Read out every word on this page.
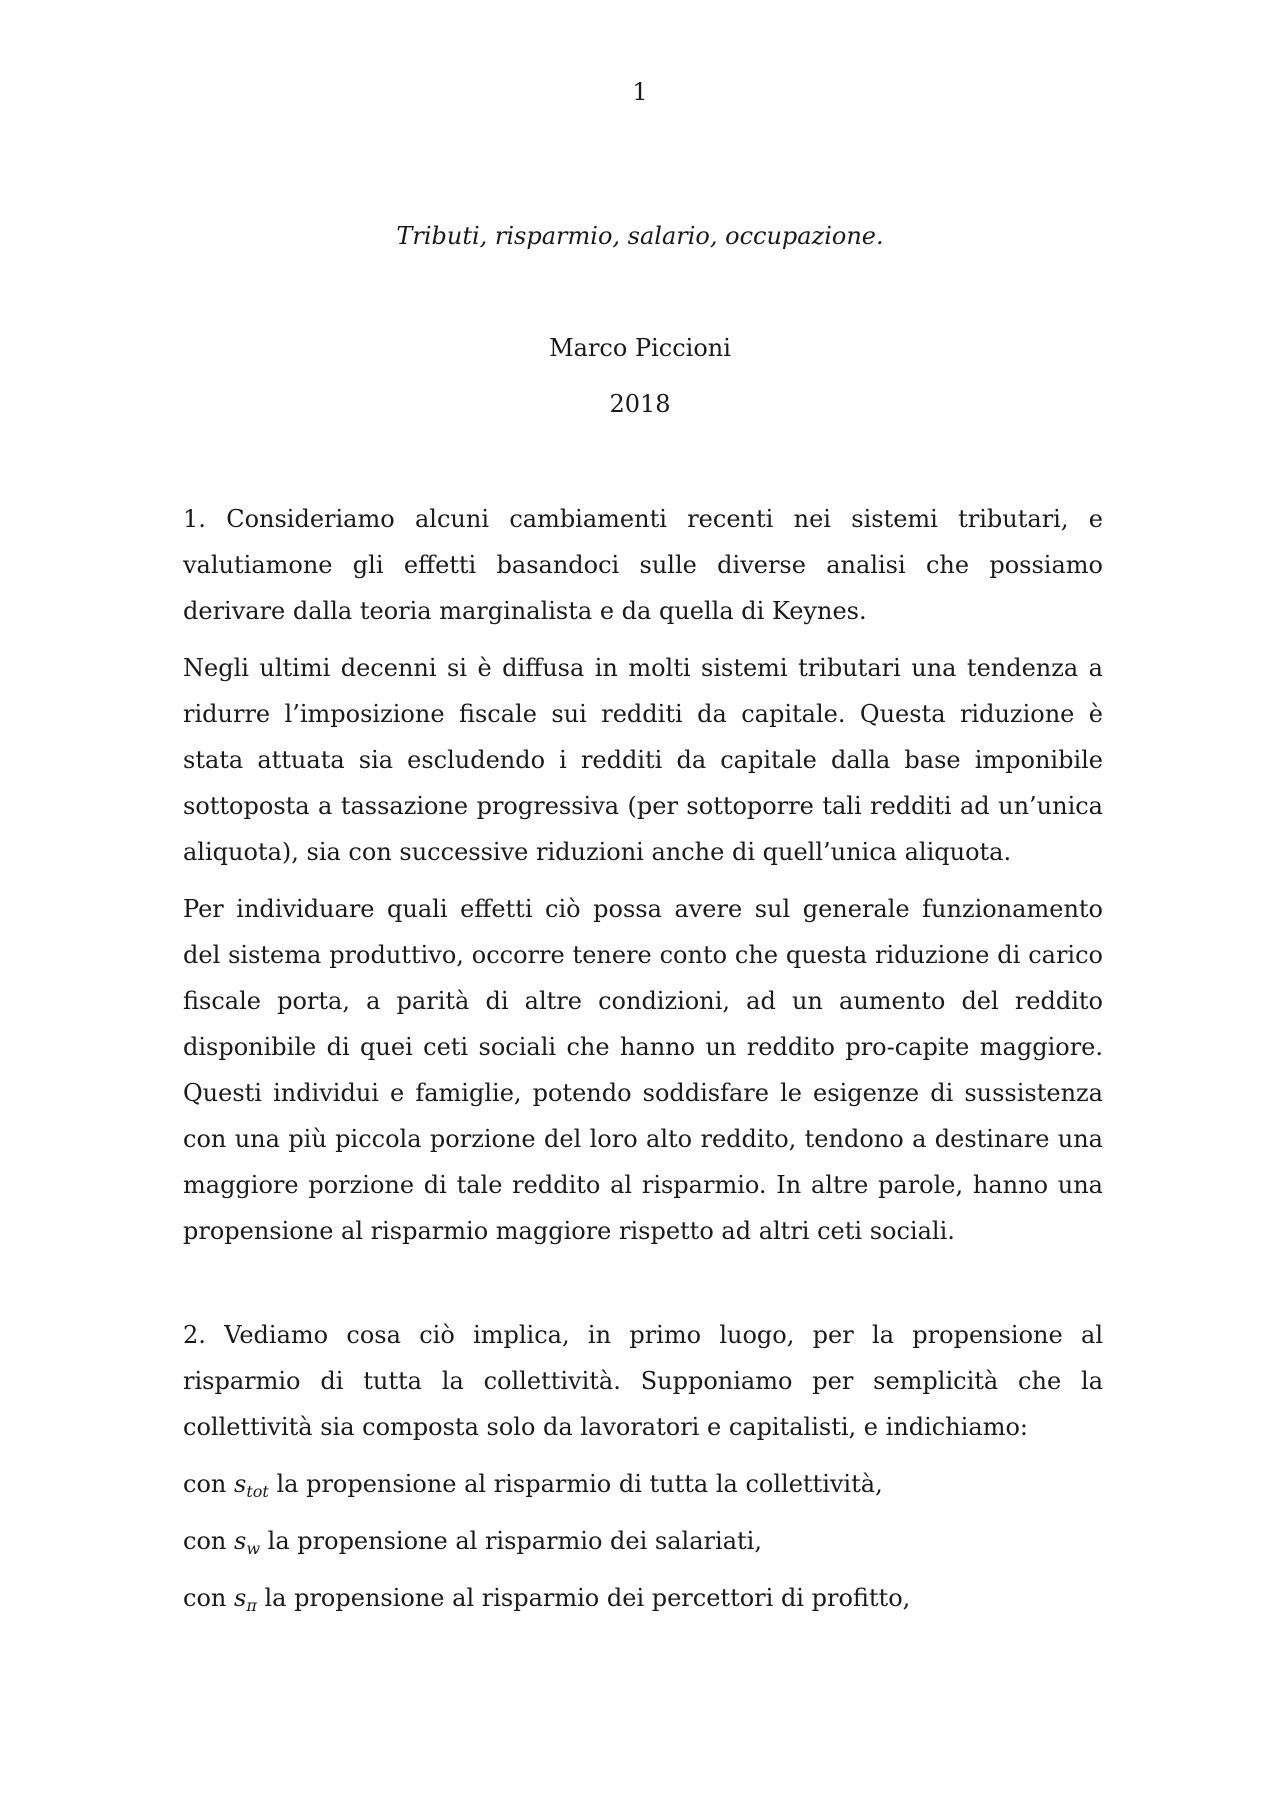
1
Tributi, risparmio, salario, occupazione.
Marco Piccioni
2018

1. Consideriamo alcuni cambiamenti recenti nei sistemi tributari, e valutiamone gli effetti basandoci sulle diverse analisi che possiamo derivare dalla teoria marginalista e da quella di Keynes.

Negli ultimi decenni si è diffusa in molti sistemi tributari una tendenza a ridurre l’imposizione fiscale sui redditi da capitale. Questa riduzione è stata attuata sia escludendo i redditi da capitale dalla base imponibile sottoposta a tassazione progressiva (per sottoporre tali redditi ad un’unica aliquota), sia con successive riduzioni anche di quell’unica aliquota.

Per individuare quali effetti ciò possa avere sul generale funzionamento del sistema produttivo, occorre tenere conto che questa riduzione di carico fiscale porta, a parità di altre condizioni, ad un aumento del reddito disponibile di quei ceti sociali che hanno un reddito pro-capite maggiore. Questi individui e famiglie, potendo soddisfare le esigenze di sussistenza con una più piccola porzione del loro alto reddito, tendono a destinare una maggiore porzione di tale reddito al risparmio. In altre parole, hanno una propensione al risparmio maggiore rispetto ad altri ceti sociali.

2. Vediamo cosa ciò implica, in primo luogo, per la propensione al risparmio di tutta la collettività. Supponiamo per semplicità che la collettività sia composta solo da lavoratori e capitalisti, e indichiamo:

con $s_{tot}$ la propensione al risparmio di tutta la collettività,

con $s_w$ la propensione al risparmio dei salariati,

con $s_\pi$ la propensione al risparmio dei percettori di profitto,
